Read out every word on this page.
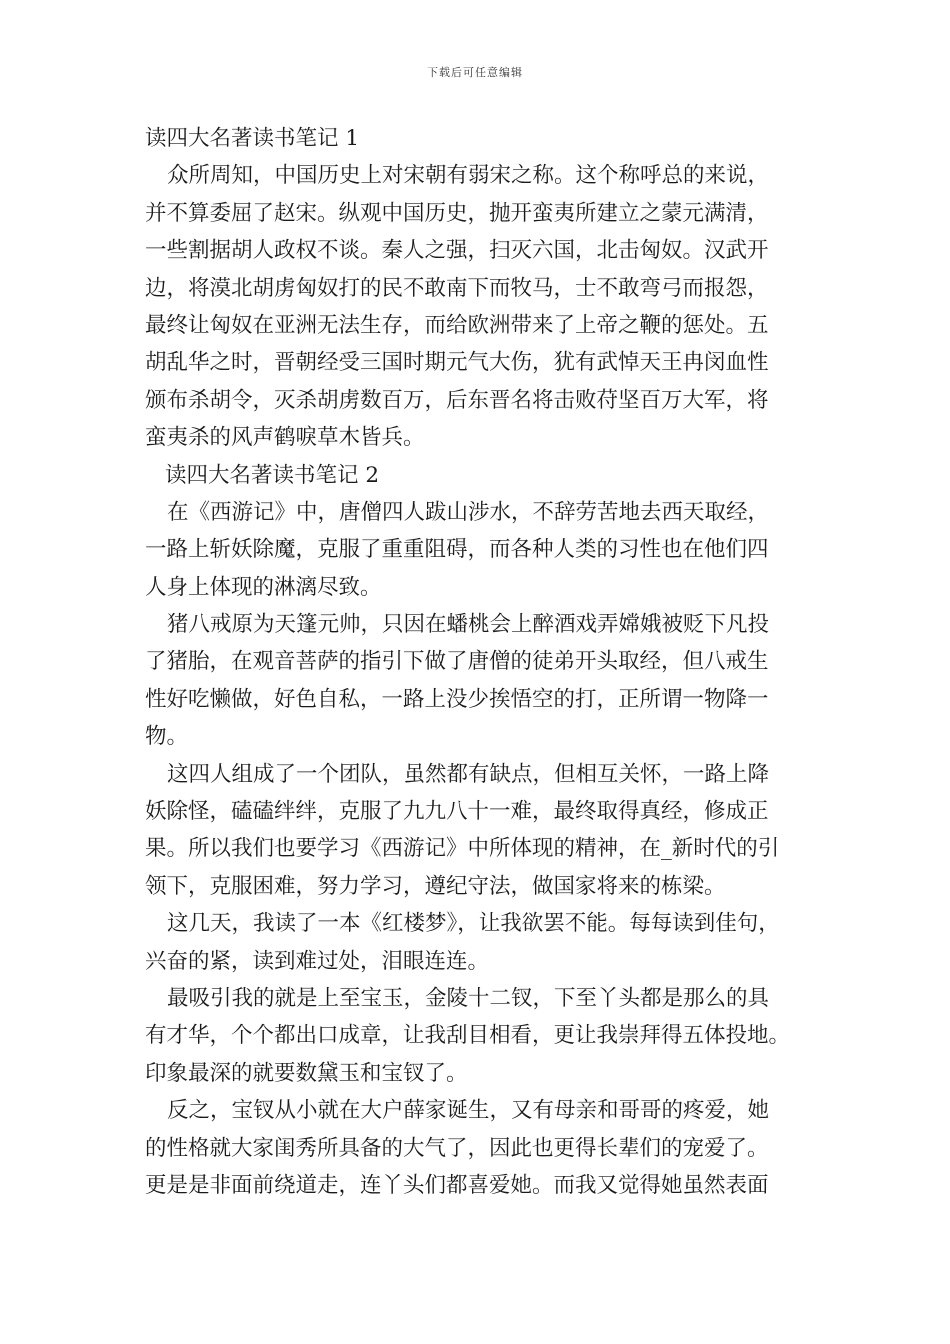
下载后可任意编辑
读四大名著读书笔记 1
众所周知，中国历史上对宋朝有弱宋之称。这个称呼总的来说，
并不算委屈了赵宋。纵观中国历史，抛开蛮夷所建立之蒙元满清，
一些割据胡人政权不谈。秦人之强，扫灭六国，北击匈奴。汉武开
边，将漠北胡虏匈奴打的民不敢南下而牧马，士不敢弯弓而报怨，
最终让匈奴在亚洲无法生存，而给欧洲带来了上帝之鞭的惩处。五
胡乱华之时，晋朝经受三国时期元气大伤，犹有武悼天王冉闵血性
颁布杀胡令，灭杀胡虏数百万，后东晋名将击败苻坚百万大军，将
蛮夷杀的风声鹤唳草木皆兵。
读四大名著读书笔记 2
在《西游记》中，唐僧四人跋山涉水，不辞劳苦地去西天取经，
一路上斩妖除魔，克服了重重阻碍，而各种人类的习性也在他们四
人身上体现的淋漓尽致。
猪八戒原为天篷元帅，只因在蟠桃会上醉酒戏弄嫦娥被贬下凡投
了猪胎，在观音菩萨的指引下做了唐僧的徒弟开头取经，但八戒生
性好吃懒做，好色自私，一路上没少挨悟空的打，正所谓一物降一
物。
这四人组成了一个团队，虽然都有缺点，但相互关怀，一路上降
妖除怪，磕磕绊绊，克服了九九八十一难，最终取得真经，修成正
果。所以我们也要学习《西游记》中所体现的精神，在_新时代的引
领下，克服困难，努力学习，遵纪守法，做国家将来的栋梁。
这几天，我读了一本《红楼梦》，让我欲罢不能。每每读到佳句，
兴奋的紧，读到难过处，泪眼连连。
最吸引我的就是上至宝玉，金陵十二钗，下至丫头都是那么的具
有才华，个个都出口成章，让我刮目相看，更让我崇拜得五体投地。
印象最深的就要数黛玉和宝钗了。
反之，宝钗从小就在大户薛家诞生，又有母亲和哥哥的疼爱，她
的性格就大家闺秀所具备的大气了，因此也更得长辈们的宠爱了。
更是是非面前绕道走，连丫头们都喜爱她。而我又觉得她虽然表面
